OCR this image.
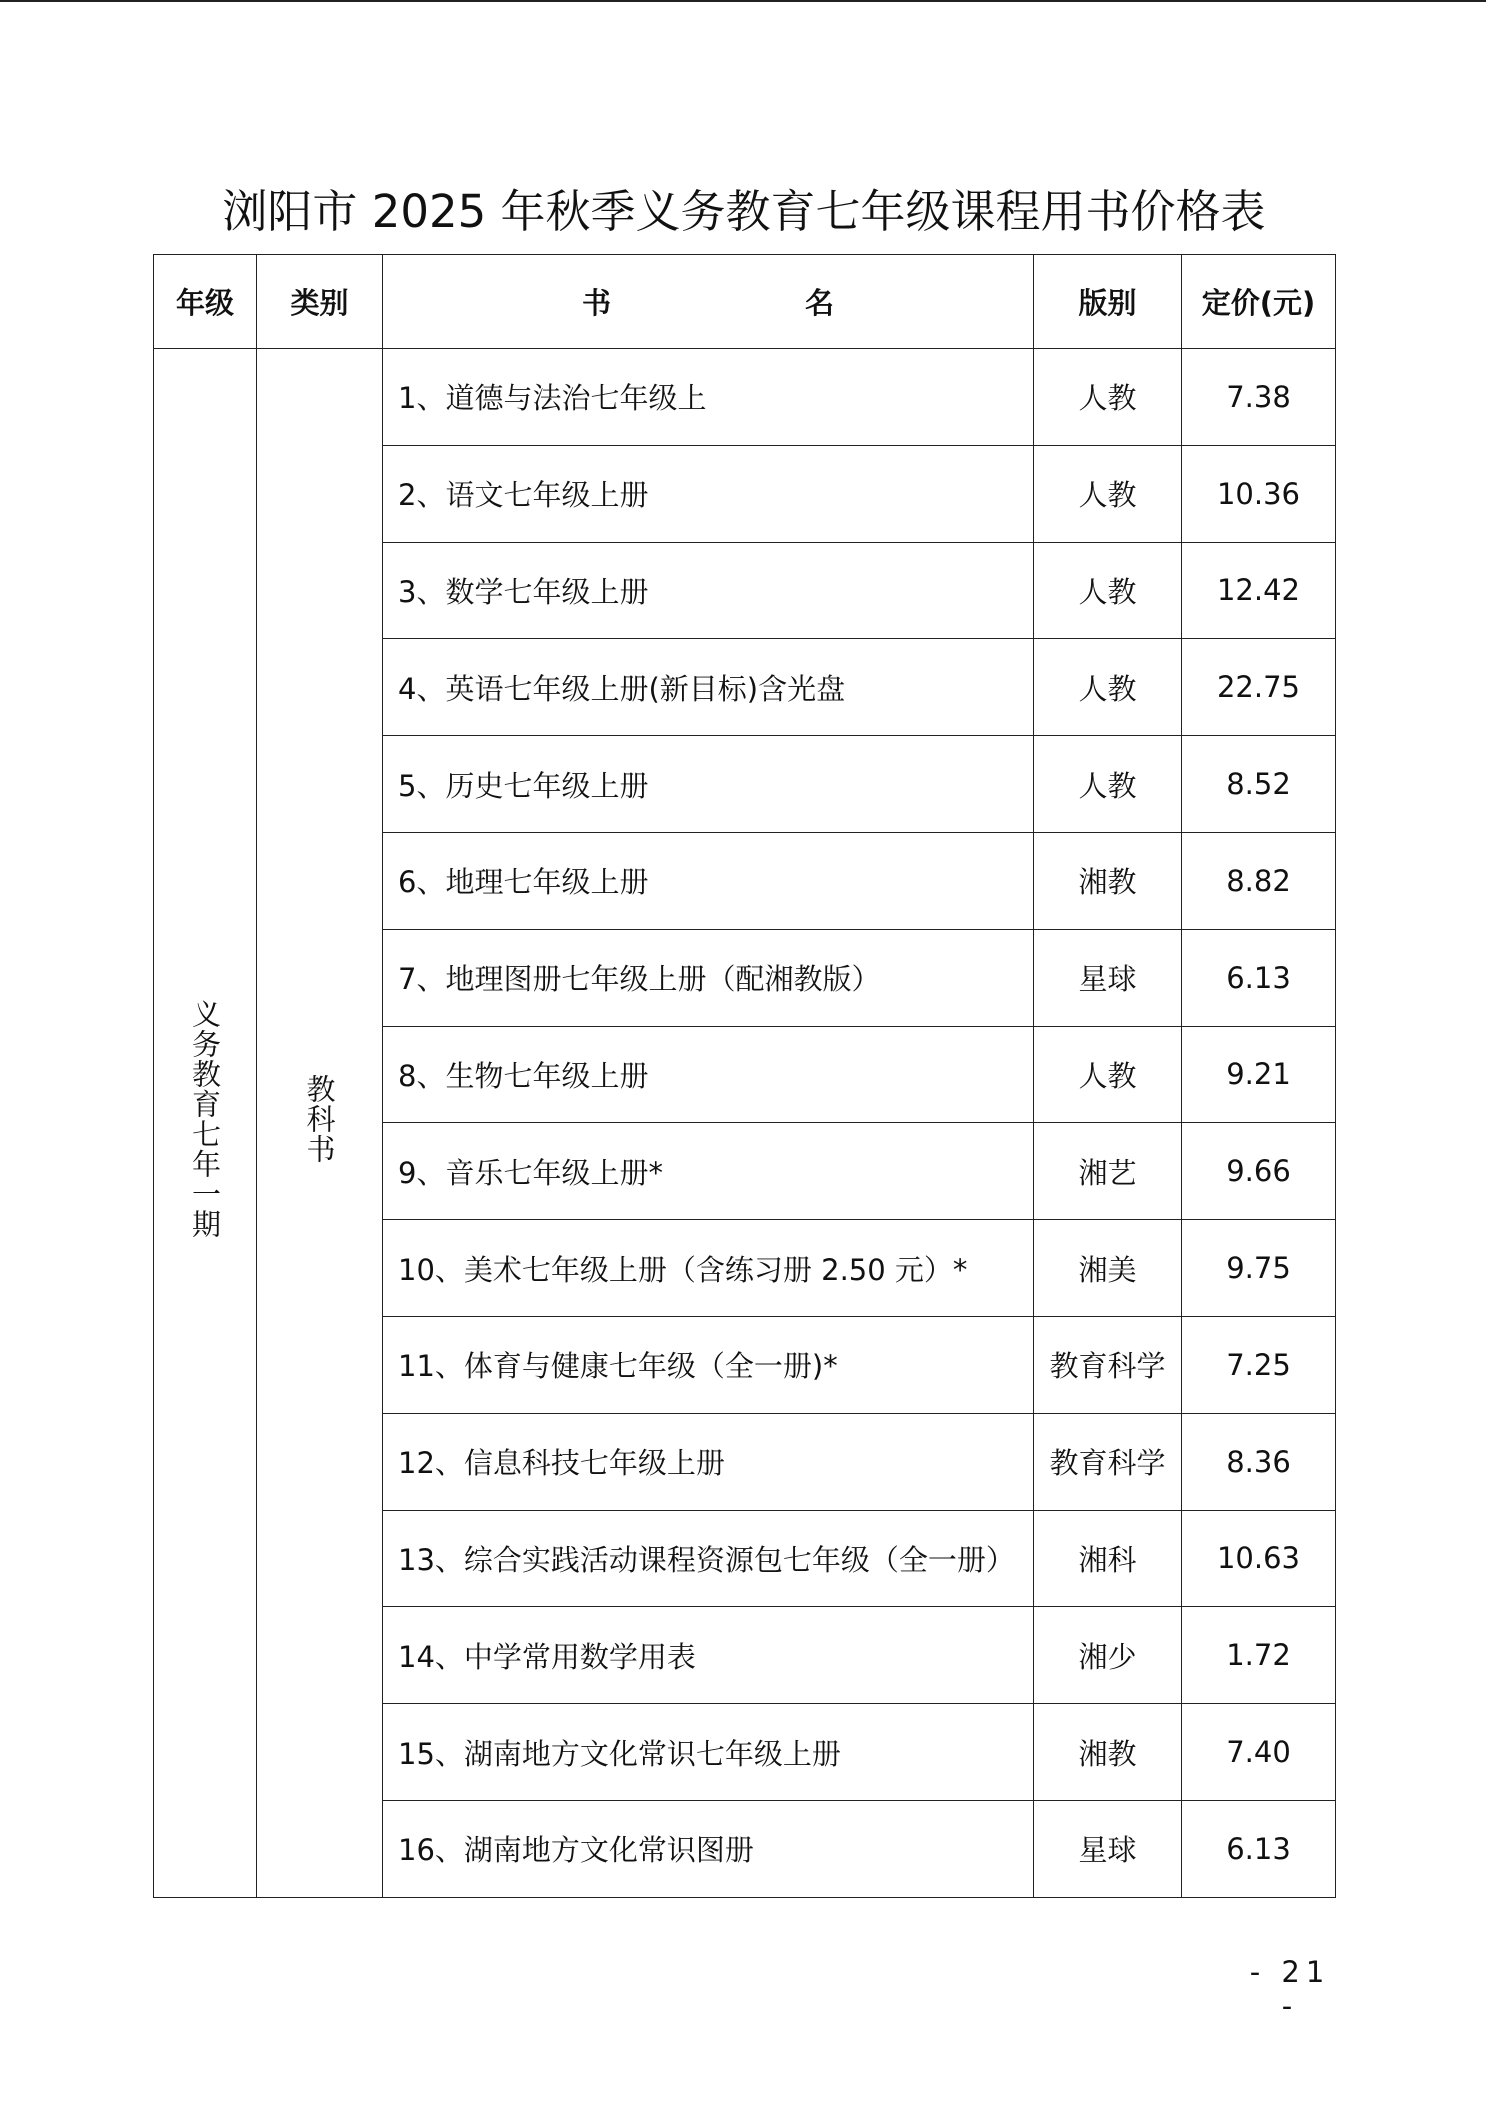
浏阳市 2025 年秋季义务教育七年级课程用书价格表
年级	类别	书 名	版别	定价(元)
义务教育七年一期	教科书	1、道德与法治七年级上	人教	7.38
		2、语文七年级上册	人教	10.36
		3、数学七年级上册	人教	12.42
		4、英语七年级上册(新目标)含光盘	人教	22.75
		5、历史七年级上册	人教	8.52
		6、地理七年级上册	湘教	8.82
		7、地理图册七年级上册（配湘教版）	星球	6.13
		8、生物七年级上册	人教	9.21
		9、音乐七年级上册*	湘艺	9.66
		10、美术七年级上册（含练习册 2.50 元）*	湘美	9.75
		11、体育与健康七年级（全一册)*	教育科学	7.25
		12、信息科技七年级上册	教育科学	8.36
		13、综合实践活动课程资源包七年级（全一册）	湘科	10.63
		14、中学常用数学用表	湘少	1.72
		15、湖南地方文化常识七年级上册	湘教	7.40
		16、湖南地方文化常识图册	星球	6.13
- 21 -
